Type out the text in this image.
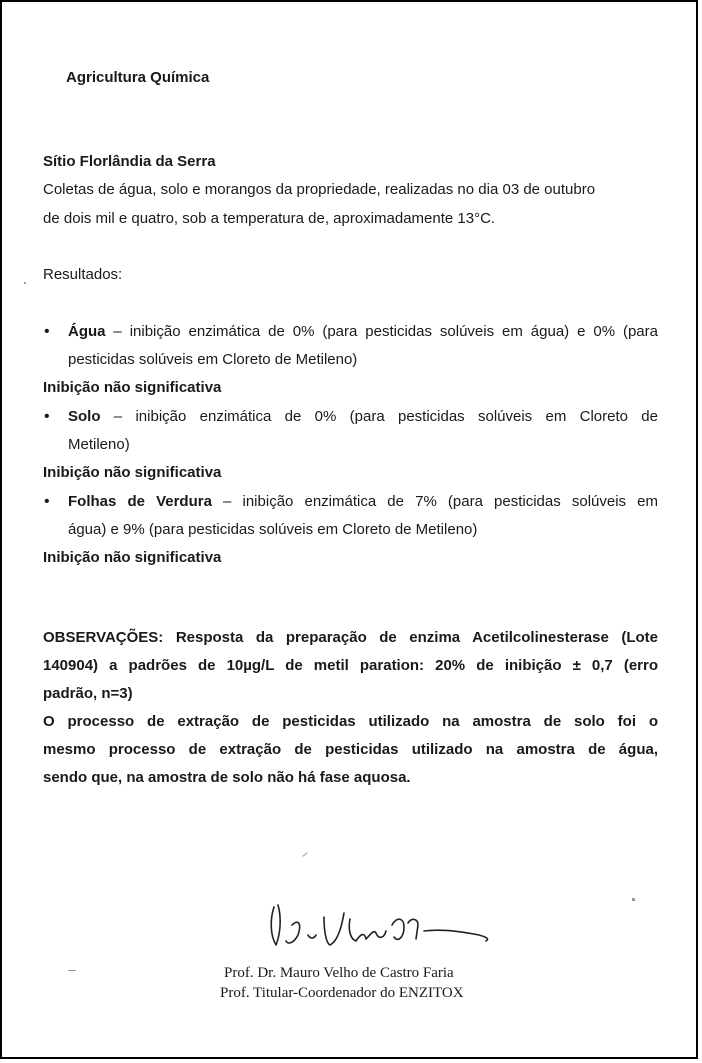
Agricultura Química
Sítio Florlândia da Serra
Coletas de água, solo e morangos da propriedade, realizadas no dia 03 de outubro
de dois mil e quatro, sob a temperatura de, aproximadamente 13°C.
Resultados:
• Água – inibição enzimática de 0% (para pesticidas solúveis em água) e 0% (para
pesticidas solúveis em Cloreto de Metileno)
Inibição não significativa
• Solo – inibição enzimática de 0% (para pesticidas solúveis em Cloreto de
Metileno)
Inibição não significativa
• Folhas de Verdura – inibição enzimática de 7% (para pesticidas solúveis em
água) e 9% (para pesticidas solúveis em Cloreto de Metileno)
Inibição não significativa
OBSERVAÇÕES: Resposta da preparação de enzima Acetilcolinesterase (Lote
140904) a padrões de 10µg/L de metil paration: 20% de inibição ± 0,7 (erro
padrão, n=3)
O processo de extração de pesticidas utilizado na amostra de solo foi o
mesmo processo de extração de pesticidas utilizado na amostra de água,
sendo que, na amostra de solo não há fase aquosa.
Prof. Dr. Mauro Velho de Castro Faria
Prof. Titular-Coordenador do ENZITOX
